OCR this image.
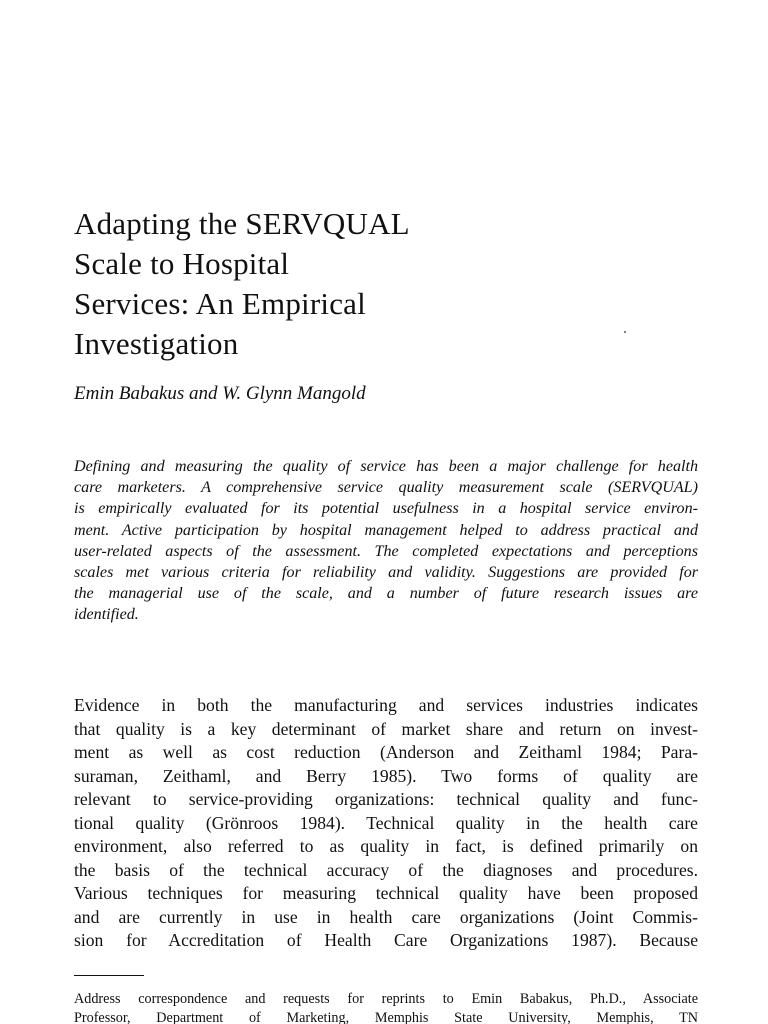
Adapting the SERVQUAL
Scale to Hospital
Services: An Empirical
Investigation

Emin Babakus and W. Glynn Mangold

Defining and measuring the quality of service has been a major challenge for health
care marketers. A comprehensive service quality measurement scale (SERVQUAL)
is empirically evaluated for its potential usefulness in a hospital service environ-
ment. Active participation by hospital management helped to address practical and
user-related aspects of the assessment. The completed expectations and perceptions
scales met various criteria for reliability and validity. Suggestions are provided for
the managerial use of the scale, and a number of future research issues are
identified.
Evidence in both the manufacturing and services industries indicates
that quality is a key determinant of market share and return on invest-
ment as well as cost reduction (Anderson and Zeithaml 1984; Para-
suraman, Zeithaml, and Berry 1985). Two forms of quality are
relevant to service-providing organizations: technical quality and func-
tional quality (Grönroos 1984). Technical quality in the health care
environment, also referred to as quality in fact, is defined primarily on
the basis of the technical accuracy of the diagnoses and procedures.
Various techniques for measuring technical quality have been proposed
and are currently in use in health care organizations (Joint Commis-
sion for Accreditation of Health Care Organizations 1987). Because
Address correspondence and requests for reprints to Emin Babakus, Ph.D., Associate
Professor, Department of Marketing, Memphis State University, Memphis, TN
